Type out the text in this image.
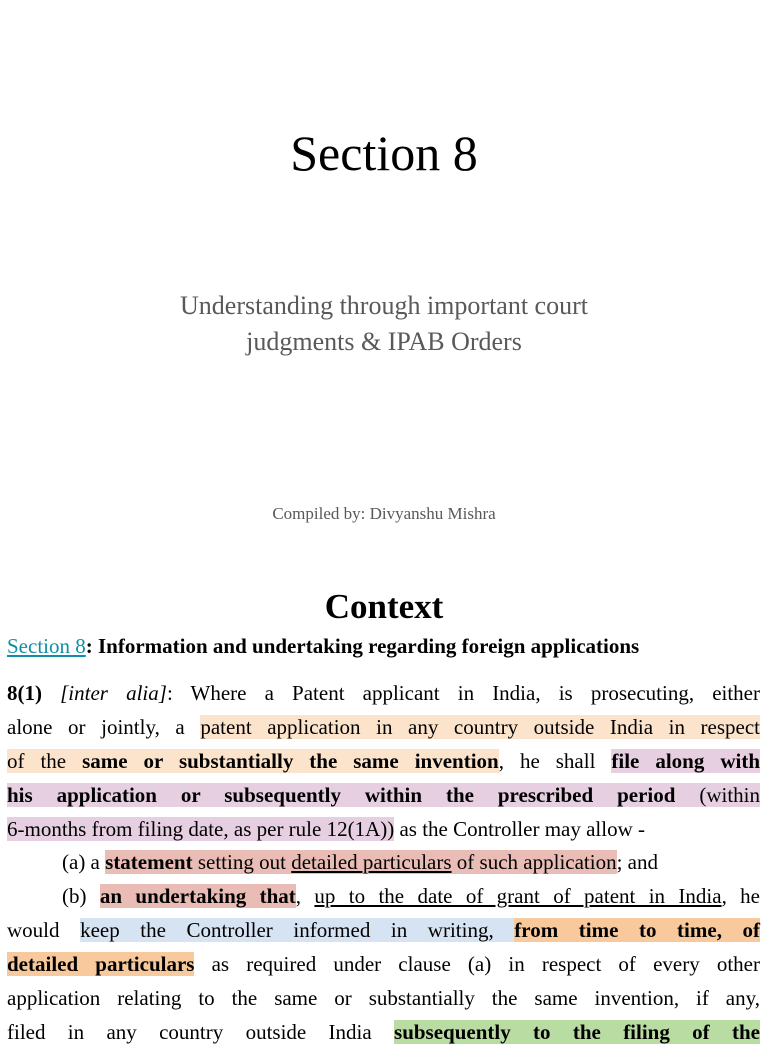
Section 8
Understanding through important court
judgments & IPAB Orders
Compiled by: Divyanshu Mishra
Context
Section 8: Information and undertaking regarding foreign applications
8(1) [inter alia]: Where a Patent applicant in India, is prosecuting, either
alone or jointly, a patent application in any country outside India in respect
of the same or substantially the same invention, he shall file along with
his application or subsequently within the prescribed period (within
6-months from filing date, as per rule 12(1A)) as the Controller may allow -
(a) a statement setting out detailed particulars of such application; and
(b) an undertaking that, up to the date of grant of patent in India, he
would keep the Controller informed in writing, from time to time, of
detailed particulars as required under clause (a) in respect of every other
application relating to the same or substantially the same invention, if any,
filed in any country outside India subsequently to the filing of the
